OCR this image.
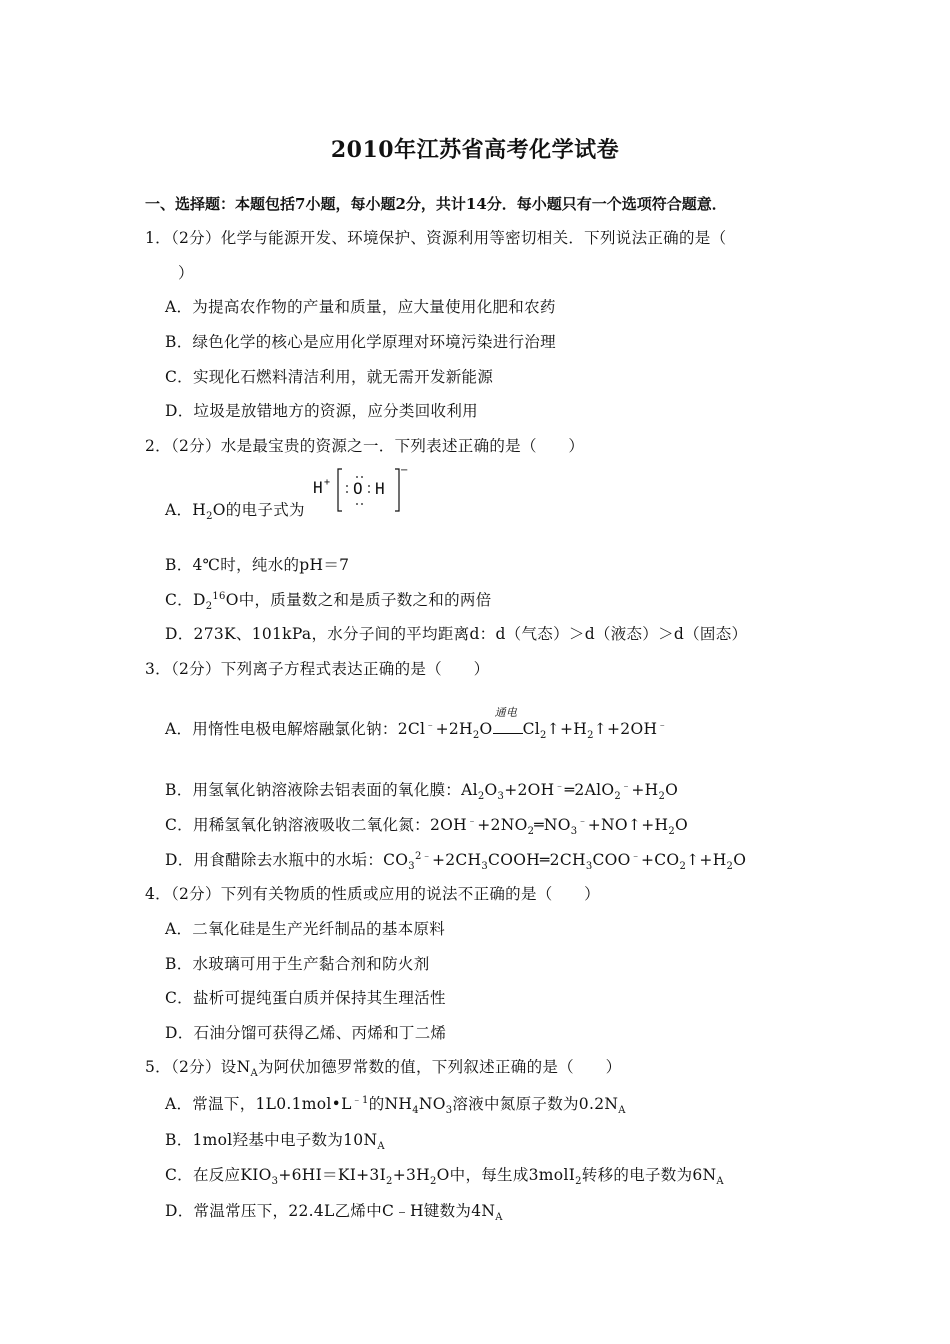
2010年江苏省高考化学试卷
一、选择题：本题包括7小题，每小题2分，共计14分．每小题只有一个选项符合题意．
1．（2分）化学与能源开发、环境保护、资源利用等密切相关．下列说法正确的是（
）
A．为提高农作物的产量和质量，应大量使用化肥和农药
B．绿色化学的核心是应用化学原理对环境污染进行治理
C．实现化石燃料清洁利用，就无需开发新能源
D．垃圾是放错地方的资源，应分类回收利用
2．（2分）水是最宝贵的资源之一．下列表述正确的是（　　）
A．$H_2O$的电子式为
H + O H
−
B．4℃时，纯水的pH＝7
C．$D_2^{16}O$中，质量数之和是质子数之和的两倍
D．273K、101kPa，水分子间的平均距离d：d（气态）＞d（液态）＞d（固态）
3．（2分）下列离子方程式表达正确的是（　　）
A．用惰性电极电解熔融氯化钠：$2Cl^﹣+2H_2O$
通电
$Cl_2↑+H_2↑+2OH^﹣$
B．用氢氧化钠溶液除去铝表面的氧化膜：$Al_2O_3+2OH^﹣═2AlO_2^﹣+H_2O$
C．用稀氢氧化钠溶液吸收二氧化氮：$2OH^﹣+2NO_2═NO_3^﹣+NO↑+H_2O$
D．用食醋除去水瓶中的水垢：$CO_3^{2﹣}+2CH_3COOH═2CH_3COO^﹣+CO_2↑+H_2O$
4．（2分）下列有关物质的性质或应用的说法不正确的是（　　）
A．二氧化硅是生产光纤制品的基本原料
B．水玻璃可用于生产黏合剂和防火剂
C．盐析可提纯蛋白质并保持其生理活性
D．石油分馏可获得乙烯、丙烯和丁二烯
5．（2分）设$N_A$为阿伏加德罗常数的值，下列叙述正确的是（　　）
A．常温下，$1L0.1mol•L^{﹣1}$的$NH_4NO_3$溶液中氮原子数为$0.2N_A$
B．1mol羟基中电子数为$10N_A$
C．在反应$KIO_3+6HI=KI+3I_2+3H_2O$中，每生成3molI$_2$转移的电子数为$6N_A$
D．常温常压下，22.4L乙烯中C﹣H键数为$4N_A$
